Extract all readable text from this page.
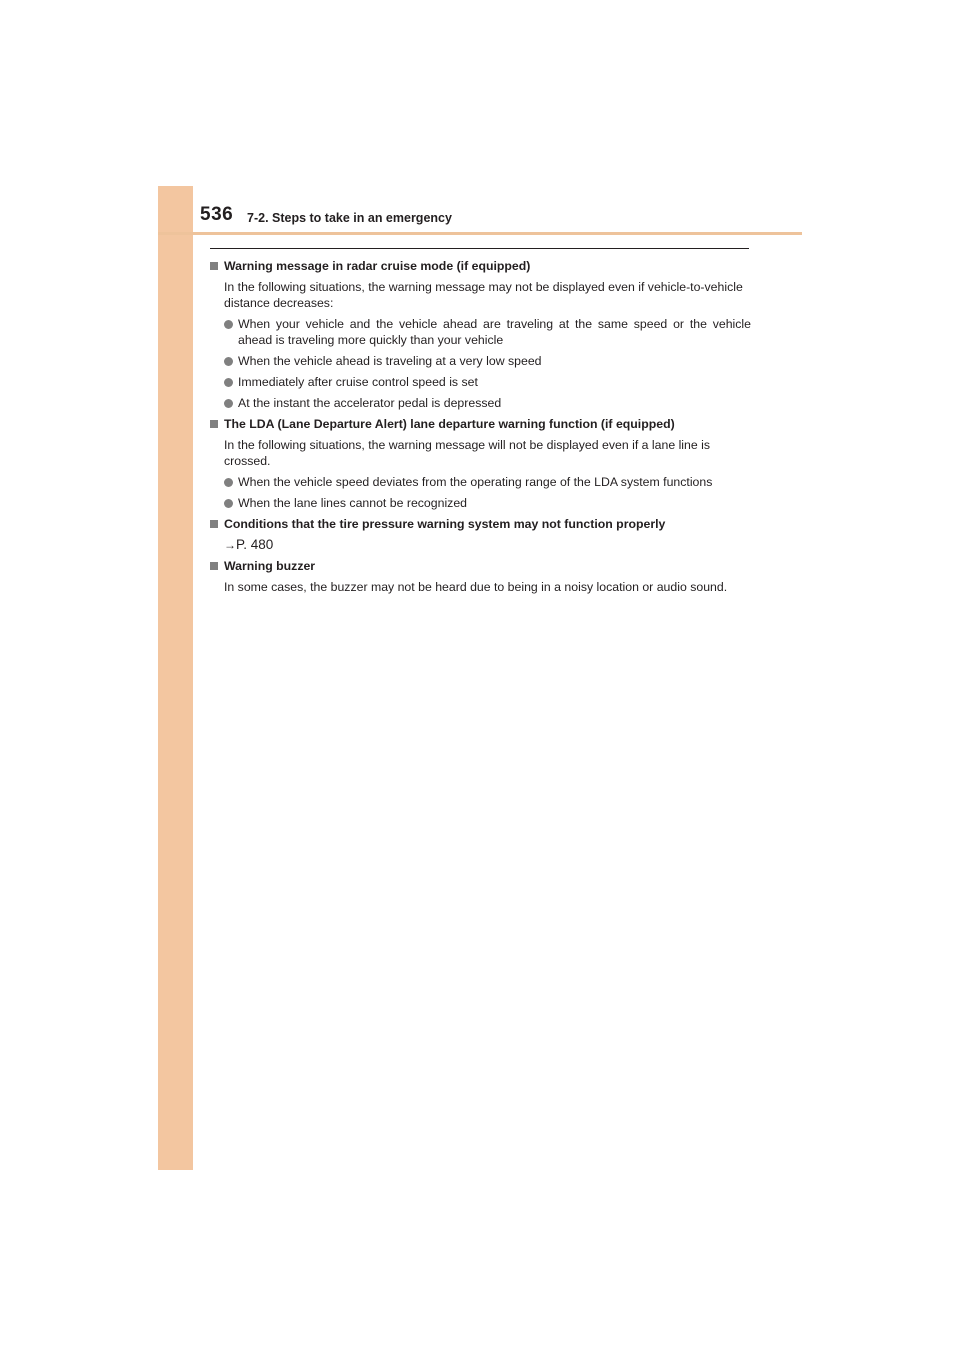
536 7-2. Steps to take in an emergency
Warning message in radar cruise mode (if equipped)
In the following situations, the warning message may not be displayed even if vehicle-to-vehicle distance decreases:
When your vehicle and the vehicle ahead are traveling at the same speed or the vehicle ahead is traveling more quickly than your vehicle
When the vehicle ahead is traveling at a very low speed
Immediately after cruise control speed is set
At the instant the accelerator pedal is depressed
The LDA (Lane Departure Alert) lane departure warning function (if equipped)
In the following situations, the warning message will not be displayed even if a lane line is crossed.
When the vehicle speed deviates from the operating range of the LDA system functions
When the lane lines cannot be recognized
Conditions that the tire pressure warning system may not function properly
→P. 480
Warning buzzer
In some cases, the buzzer may not be heard due to being in a noisy location or audio sound.
